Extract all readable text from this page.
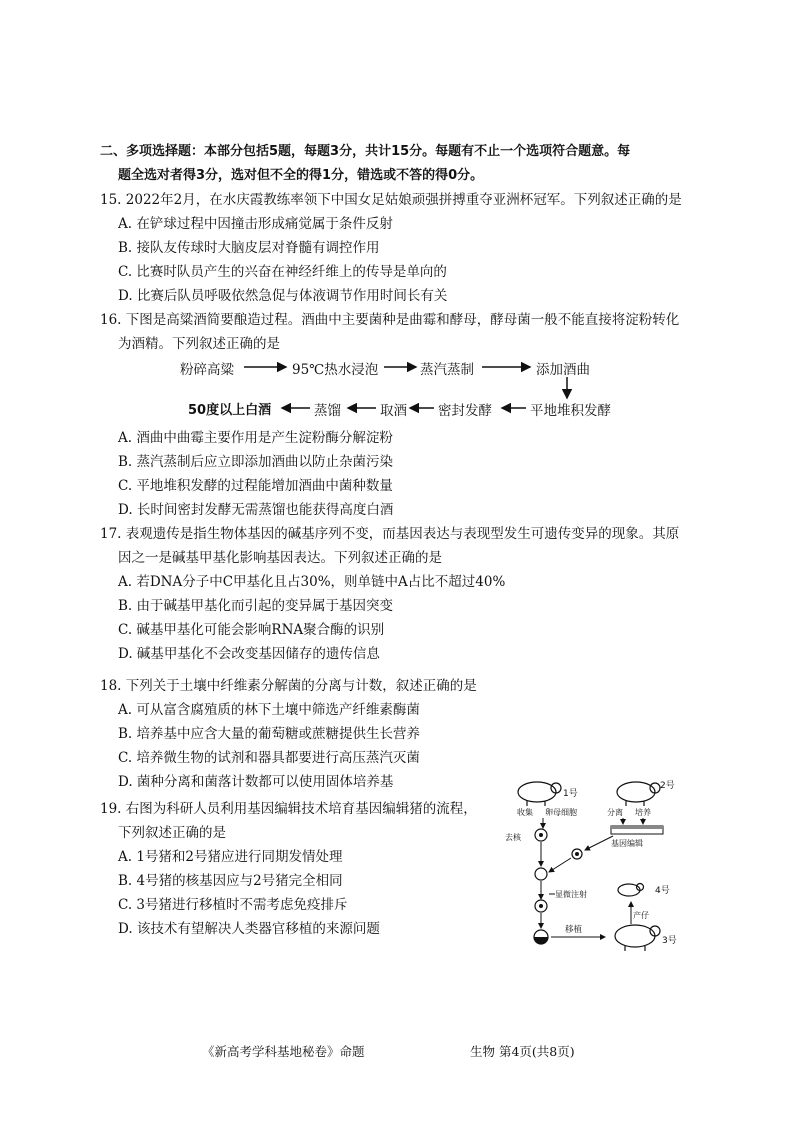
二、多项选择题：本部分包括5题，每题3分，共计15分。每题有不止一个选项符合题意。每
题全选对者得3分，选对但不全的得1分，错选或不答的得0分。
15. 2022年2月，在水庆霞教练率领下中国女足姑娘顽强拼搏重夺亚洲杯冠军。下列叙述正确的是
A. 在铲球过程中因撞击形成痛觉属于条件反射
B. 接队友传球时大脑皮层对脊髓有调控作用
C. 比赛时队员产生的兴奋在神经纤维上的传导是单向的
D. 比赛后队员呼吸依然急促与体液调节作用时间长有关
16. 下图是高粱酒简要酿造过程。酒曲中主要菌种是曲霉和酵母，酵母菌一般不能直接将淀粉转化
为酒精。下列叙述正确的是
粉碎高粱	95℃热水浸泡	蒸汽蒸制	添加酒曲
平地堆积发酵
密封发酵
取酒
蒸馏
50度以上白酒
A. 酒曲中曲霉主要作用是产生淀粉酶分解淀粉
B. 蒸汽蒸制后应立即添加酒曲以防止杂菌污染
C. 平地堆积发酵的过程能增加酒曲中菌种数量
D. 长时间密封发酵无需蒸馏也能获得高度白酒
17. 表观遗传是指生物体基因的碱基序列不变，而基因表达与表现型发生可遗传变异的现象。其原
因之一是碱基甲基化影响基因表达。下列叙述正确的是
A. 若DNA分子中C甲基化且占30%，则单链中A占比不超过40%
B. 由于碱基甲基化而引起的变异属于基因突变
C. 碱基甲基化可能会影响RNA聚合酶的识别
D. 碱基甲基化不会改变基因储存的遗传信息
18. 下列关于土壤中纤维素分解菌的分离与计数，叙述正确的是
A. 可从富含腐殖质的林下土壤中筛选产纤维素酶菌
B. 培养基中应含大量的葡萄糖或蔗糖提供生长营养
C. 培养微生物的试剂和器具都要进行高压蒸汽灭菌
D. 菌种分离和菌落计数都可以使用固体培养基
19. 右图为科研人员利用基因编辑技术培育基因编辑猪的流程，
下列叙述正确的是
A. 1号猪和2号猪应进行同期发情处理
B. 4号猪的核基因应与2号猪完全相同
C. 3号猪进行移植时不需考虑免疫排斥
D. 该技术有望解决人类器官移植的来源问题
1号
2号
收集 卵母细胞	分离 培养
基因编辑
去核
显微注射
移植
3号
产仔
4号
《新高考学科基地秘卷》命题	生物 第4页(共8页)
